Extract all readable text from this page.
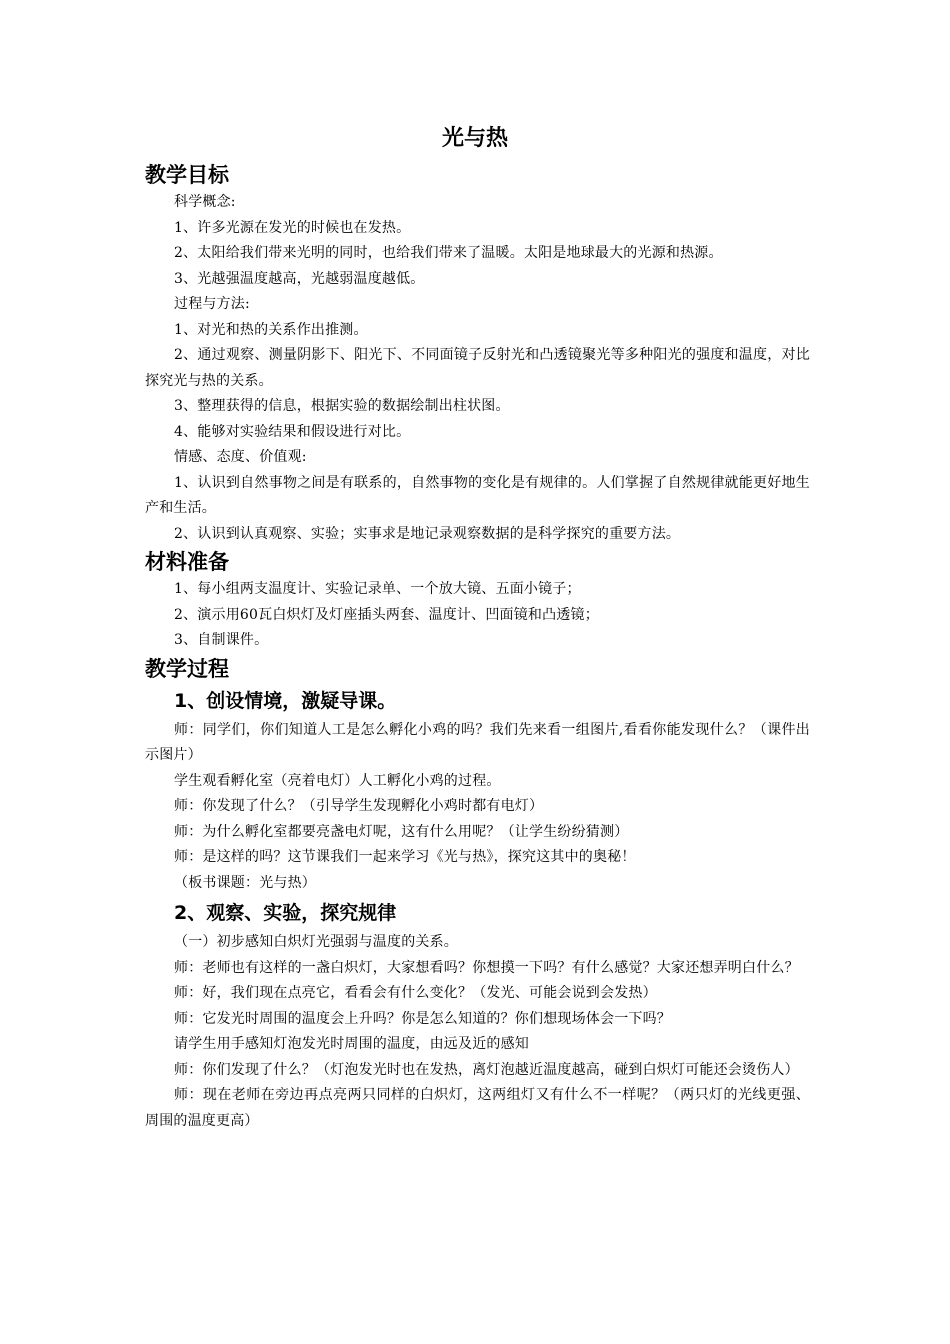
光与热
教学目标

科学概念:

1、许多光源在发光的时候也在发热。

2、太阳给我们带来光明的同时，也给我们带来了温暖。太阳是地球最大的光源和热源。

3、光越强温度越高，光越弱温度越低。

过程与方法:

1、对光和热的关系作出推测。

2、通过观察、测量阴影下、阳光下、不同面镜子反射光和凸透镜聚光等多种阳光的强度和温度，对比探究光与热的关系。

3、整理获得的信息，根据实验的数据绘制出柱状图。

4、能够对实验结果和假设进行对比。

情感、态度、价值观:

1、认识到自然事物之间是有联系的，自然事物的变化是有规律的。人们掌握了自然规律就能更好地生产和生活。

2、认识到认真观察、实验；实事求是地记录观察数据的是科学探究的重要方法。

材料准备

1、每小组两支温度计、实验记录单、一个放大镜、五面小镜子；

2、演示用60瓦白炽灯及灯座插头两套、温度计、凹面镜和凸透镜；

3、自制课件。

教学过程
1、创设情境，激疑导课。

师：同学们，你们知道人工是怎么孵化小鸡的吗？我们先来看一组图片,看看你能发现什么？（课件出示图片）

学生观看孵化室（亮着电灯）人工孵化小鸡的过程。

师：你发现了什么？（引导学生发现孵化小鸡时都有电灯）

师：为什么孵化室都要亮盏电灯呢，这有什么用呢？（让学生纷纷猜测）

师：是这样的吗？这节课我们一起来学习《光与热》，探究这其中的奥秘！

（板书课题：光与热）

2、观察、实验，探究规律

（一）初步感知白炽灯光强弱与温度的关系。

师：老师也有这样的一盏白炽灯，大家想看吗？你想摸一下吗？有什么感觉？大家还想弄明白什么？

师：好，我们现在点亮它，看看会有什么变化？（发光、可能会说到会发热）

师：它发光时周围的温度会上升吗？你是怎么知道的？你们想现场体会一下吗？

请学生用手感知灯泡发光时周围的温度，由远及近的感知

师：你们发现了什么？（灯泡发光时也在发热，离灯泡越近温度越高，碰到白炽灯可能还会烫伤人）

师：现在老师在旁边再点亮两只同样的白炽灯，这两组灯又有什么不一样呢？（两只灯的光线更强、周围的温度更高）
